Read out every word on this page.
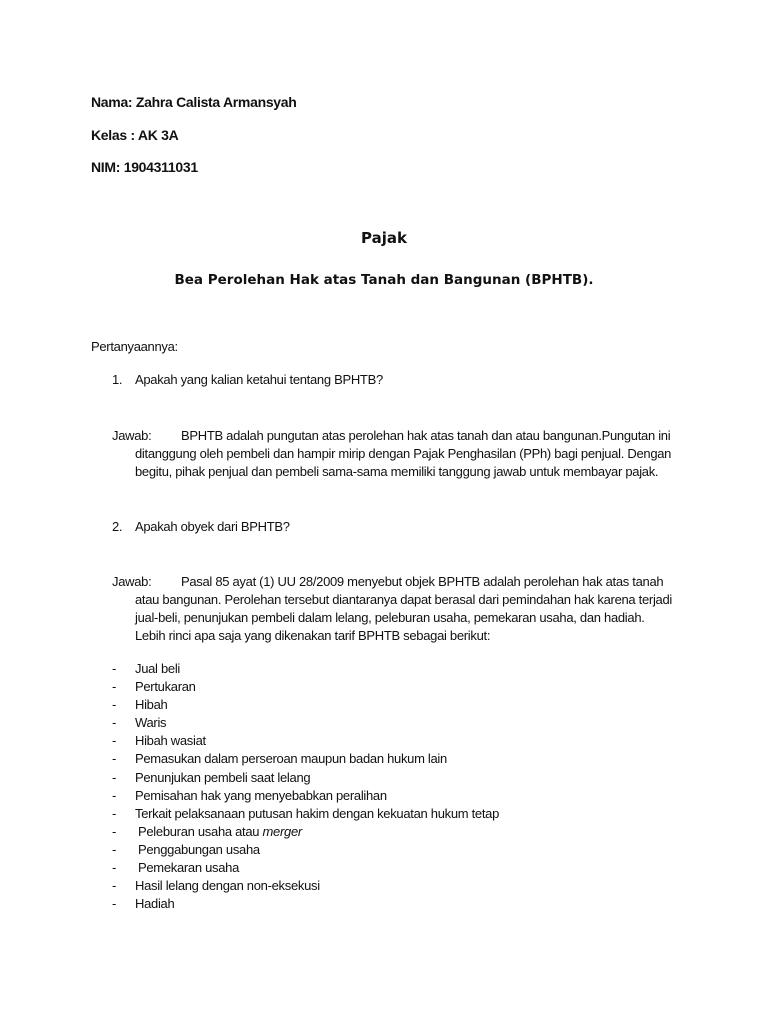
Nama: Zahra Calista Armansyah
Kelas : AK 3A
NIM: 1904311031
Pajak
Bea Perolehan Hak atas Tanah dan Bangunan (BPHTB).
Pertanyaannya:
1. Apakah yang kalian ketahui tentang BPHTB?
Jawab:	BPHTB adalah pungutan atas perolehan hak atas tanah dan atau bangunan.Pungutan ini
ditanggung oleh pembeli dan hampir mirip dengan Pajak Penghasilan (PPh) bagi penjual. Dengan
begitu, pihak penjual dan pembeli sama-sama memiliki tanggung jawab untuk membayar pajak.
2. Apakah obyek dari BPHTB?
Jawab:	Pasal 85 ayat (1) UU 28/2009 menyebut objek BPHTB adalah perolehan hak atas tanah
atau bangunan. Perolehan tersebut diantaranya dapat berasal dari pemindahan hak karena terjadi
jual-beli, penunjukan pembeli dalam lelang, peleburan usaha, pemekaran usaha, dan hadiah.
Lebih rinci apa saja yang dikenakan tarif BPHTB sebagai berikut:
- Jual beli
- Pertukaran
- Hibah
- Waris
- Hibah wasiat
- Pemasukan dalam perseroan maupun badan hukum lain
- Penunjukan pembeli saat lelang
- Pemisahan hak yang menyebabkan peralihan
- Terkait pelaksanaan putusan hakim dengan kekuatan hukum tetap
- Peleburan usaha atau merger
- Penggabungan usaha
- Pemekaran usaha
- Hasil lelang dengan non-eksekusi
- Hadiah
